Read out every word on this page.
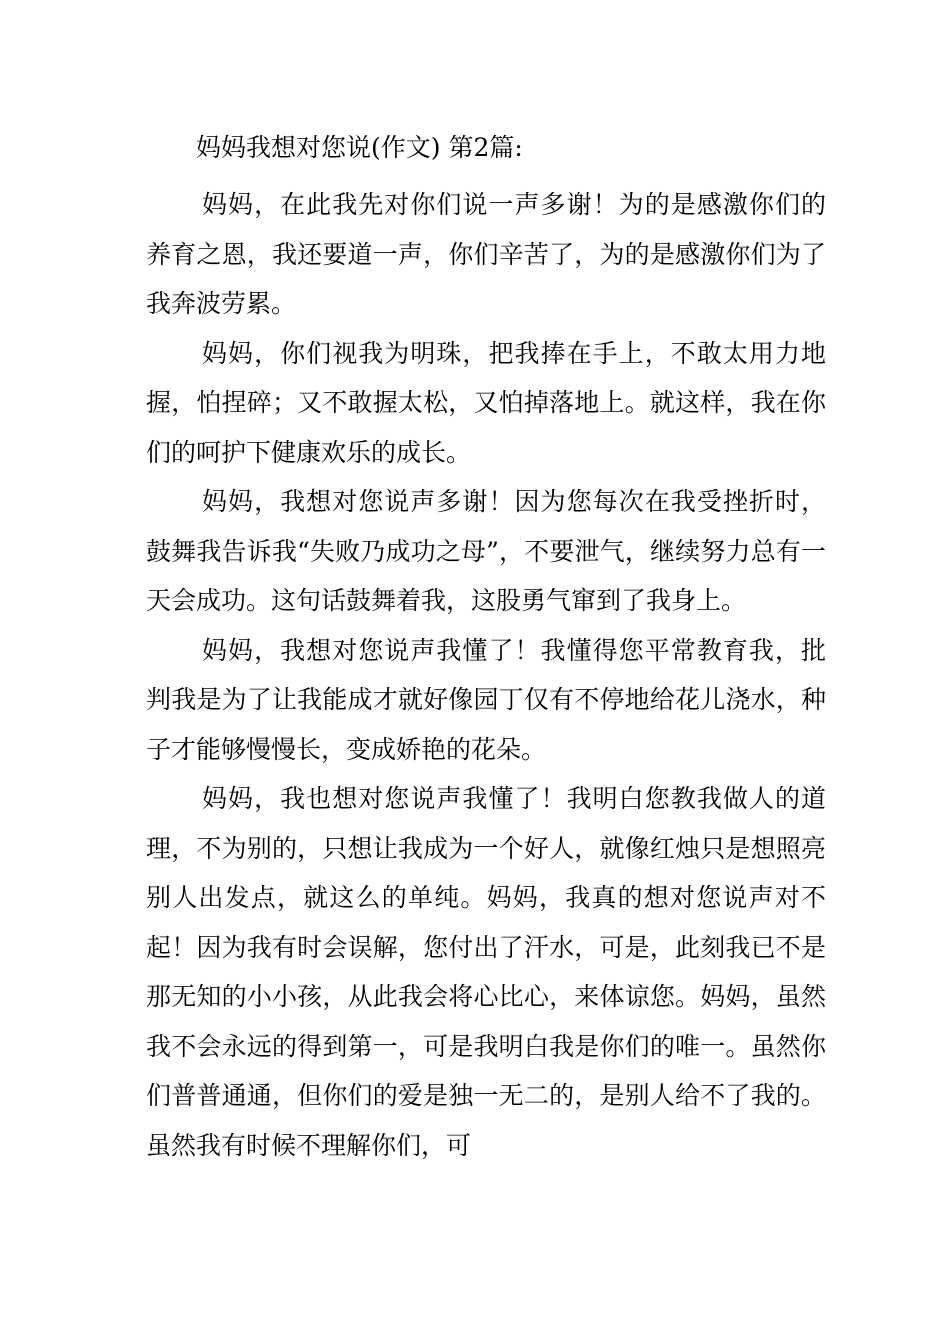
妈妈我想对您说(作文) 第2篇:

妈妈，在此我先对你们说一声多谢！为的是感激你们的养育之恩，我还要道一声，你们辛苦了，为的是感激你们为了我奔波劳累。

妈妈，你们视我为明珠，把我捧在手上，不敢太用力地握，怕捏碎；又不敢握太松，又怕掉落地上。就这样，我在你们的呵护下健康欢乐的成长。

妈妈，我想对您说声多谢！因为您每次在我受挫折时，鼓舞我告诉我“失败乃成功之母”，不要泄气，继续努力总有一天会成功。这句话鼓舞着我，这股勇气窜到了我身上。

妈妈，我想对您说声我懂了！我懂得您平常教育我，批判我是为了让我能成才就好像园丁仅有不停地给花儿浇水，种子才能够慢慢长，变成娇艳的花朵。

妈妈，我也想对您说声我懂了！我明白您教我做人的道理，不为别的，只想让我成为一个好人，就像红烛只是想照亮别人出发点，就这么的单纯。妈妈，我真的想对您说声对不起！因为我有时会误解，您付出了汗水，可是，此刻我已不是那无知的小小孩，从此我会将心比心，来体谅您。妈妈，虽然我不会永远的得到第一，可是我明白我是你们的唯一。虽然你们普普通通，但你们的爱是独一无二的，是别人给不了我的。虽然我有时候不理解你们，可
